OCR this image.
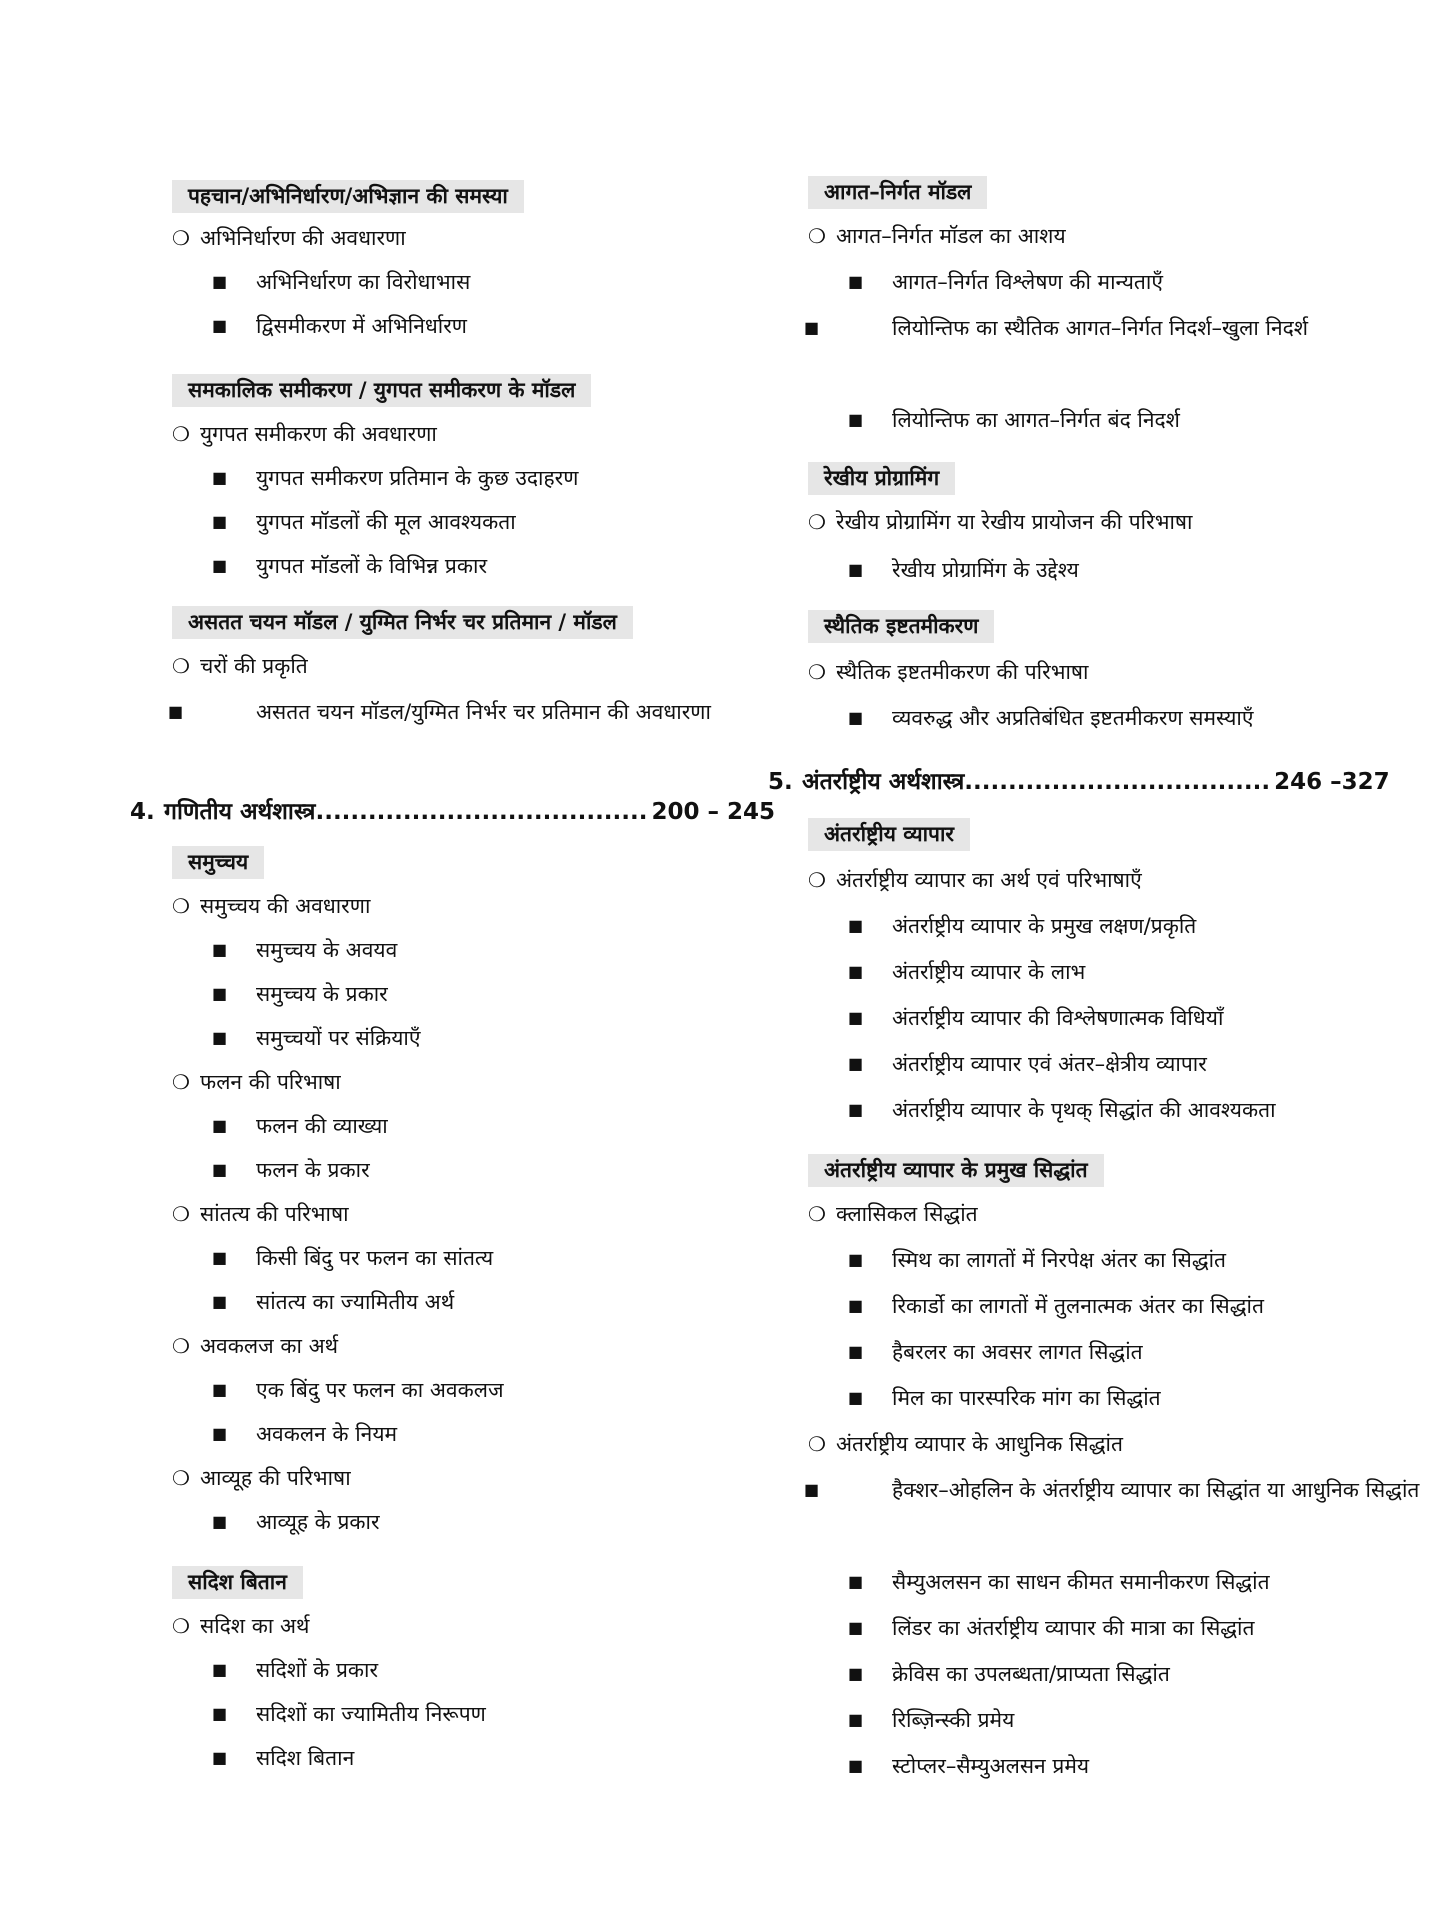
पहचान/अभिनिर्धारण/अभिज्ञान की समस्या
❍ अभिनिर्धारण की अवधारणा
■ अभिनिर्धारण का विरोधाभास
■ द्विसमीकरण में अभिनिर्धारण
समकालिक समीकरण / युगपत समीकरण के मॉडल
❍ युगपत समीकरण की अवधारणा
■ युगपत समीकरण प्रतिमान के कुछ उदाहरण
■ युगपत मॉडलों की मूल आवश्यकता
■ युगपत मॉडलों के विभिन्न प्रकार
असतत चयन मॉडल / युग्मित निर्भर चर प्रतिमान / मॉडल
❍ चरों की प्रकृति
■	असतत चयन मॉडल/युग्मित निर्भर चर प्रतिमान की अवधारणा
समुच्चय
❍ समुच्चय की अवधारणा
■ समुच्चय के अवयव
■ समुच्चय के प्रकार
■ समुच्चयों पर संक्रियाएँ
❍ फलन की परिभाषा
■ फलन की व्याख्या
■ फलन के प्रकार
❍ सांतत्य की परिभाषा
■ किसी बिंदु पर फलन का सांतत्य
■ सांतत्य का ज्यामितीय अर्थ
❍ अवकलज का अर्थ
■ एक बिंदु पर फलन का अवकलज
■ अवकलन के नियम
❍ आव्यूह की परिभाषा
■ आव्यूह के प्रकार
सदिश बितान
❍ सदिश का अर्थ
■ सदिशों के प्रकार
■ सदिशों का ज्यामितीय निरूपण
■ सदिश बितान
4. गणितीय अर्थशास्त्र...................................... 200 – 245
आगत–निर्गत मॉडल
❍ आगत–निर्गत मॉडल का आशय
■ आगत–निर्गत विश्लेषण की मान्यताएँ
■	लियोन्तिफ का स्थैतिक आगत–निर्गत निदर्श–खुला निदर्श
■ लियोन्तिफ का आगत–निर्गत बंद निदर्श
रेखीय प्रोग्रामिंग
❍ रेखीय प्रोग्रामिंग या रेखीय प्रायोजन की परिभाषा
■ रेखीय प्रोग्रामिंग के उद्देश्य
स्थैतिक इष्टतमीकरण
❍ स्थैतिक इष्टतमीकरण की परिभाषा
■ व्यवरुद्ध और अप्रतिबंधित इष्टतमीकरण समस्याएँ
अंतर्राष्ट्रीय व्यापार
❍ अंतर्राष्ट्रीय व्यापार का अर्थ एवं परिभाषाएँ
■ अंतर्राष्ट्रीय व्यापार के प्रमुख लक्षण/प्रकृति
■ अंतर्राष्ट्रीय व्यापार के लाभ
■ अंतर्राष्ट्रीय व्यापार की विश्लेषणात्मक विधियाँ
■ अंतर्राष्ट्रीय व्यापार एवं अंतर–क्षेत्रीय व्यापार
■ अंतर्राष्ट्रीय व्यापार के पृथक् सिद्धांत की आवश्यकता
अंतर्राष्ट्रीय व्यापार के प्रमुख सिद्धांत
❍ क्लासिकल सिद्धांत
■ स्मिथ का लागतों में निरपेक्ष अंतर का सिद्धांत
■ रिकार्डो का लागतों में तुलनात्मक अंतर का सिद्धांत
■ हैबरलर का अवसर लागत सिद्धांत
■ मिल का पारस्परिक मांग का सिद्धांत
❍ अंतर्राष्ट्रीय व्यापार के आधुनिक सिद्धांत
■	हैक्शर–ओहलिन के अंतर्राष्ट्रीय व्यापार का सिद्धांत या आधुनिक सिद्धांत
■ सैम्युअलसन का साधन कीमत समानीकरण सिद्धांत
■ लिंडर का अंतर्राष्ट्रीय व्यापार की मात्रा का सिद्धांत
■ क्रेविस का उपलब्धता/प्राप्यता सिद्धांत
■ रिब्ज़िन्स्की प्रमेय
■ स्टोप्लर–सैम्युअलसन प्रमेय
5. अंतर्राष्ट्रीय अर्थशास्त्र................................... 246 –327
